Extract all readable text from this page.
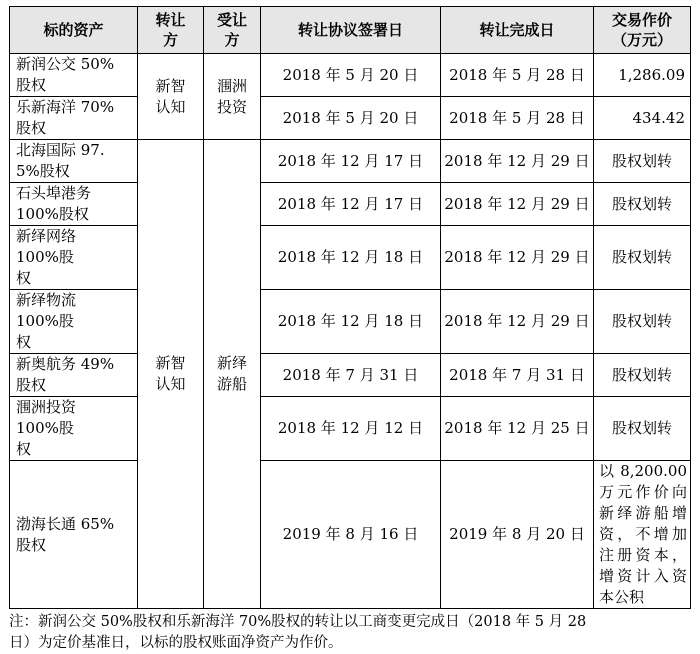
标的资产	转让方	受让方	转让协议签署日	转让完成日	交易作价（万元）
新润公交 50%股权	新智认知	涠洲投资	2018 年 5 月 20 日	2018 年 5 月 28 日	1,286.09
乐新海洋 70%股权			2018 年 5 月 20 日	2018 年 5 月 28 日	434.42
北海国际 97.5%股权	新智认知	新绎游船	2018 年 12 月 17 日	2018 年 12 月 29 日	股权划转
石头埠港务 100%股权			2018 年 12 月 17 日	2018 年 12 月 29 日	股权划转
新绎网络 100%股权			2018 年 12 月 18 日	2018 年 12 月 29 日	股权划转
新绎物流 100%股权			2018 年 12 月 18 日	2018 年 12 月 29 日	股权划转
新奥航务 49%股权			2018 年 7 月 31 日	2018 年 7 月 31 日	股权划转
涠洲投资 100%股权			2018 年 12 月 12 日	2018 年 12 月 25 日	股权划转
渤海长通 65%股权			2019 年 8 月 16 日	2019 年 8 月 20 日	以 8,200.00 万元作价向新绎游船增资，不增加注册资本，增资计入资本公积
注：新润公交 50%股权和乐新海洋 70%股权的转让以工商变更完成日（2018 年 5 月 28
日）为定价基准日，以标的股权账面净资产为作价。
